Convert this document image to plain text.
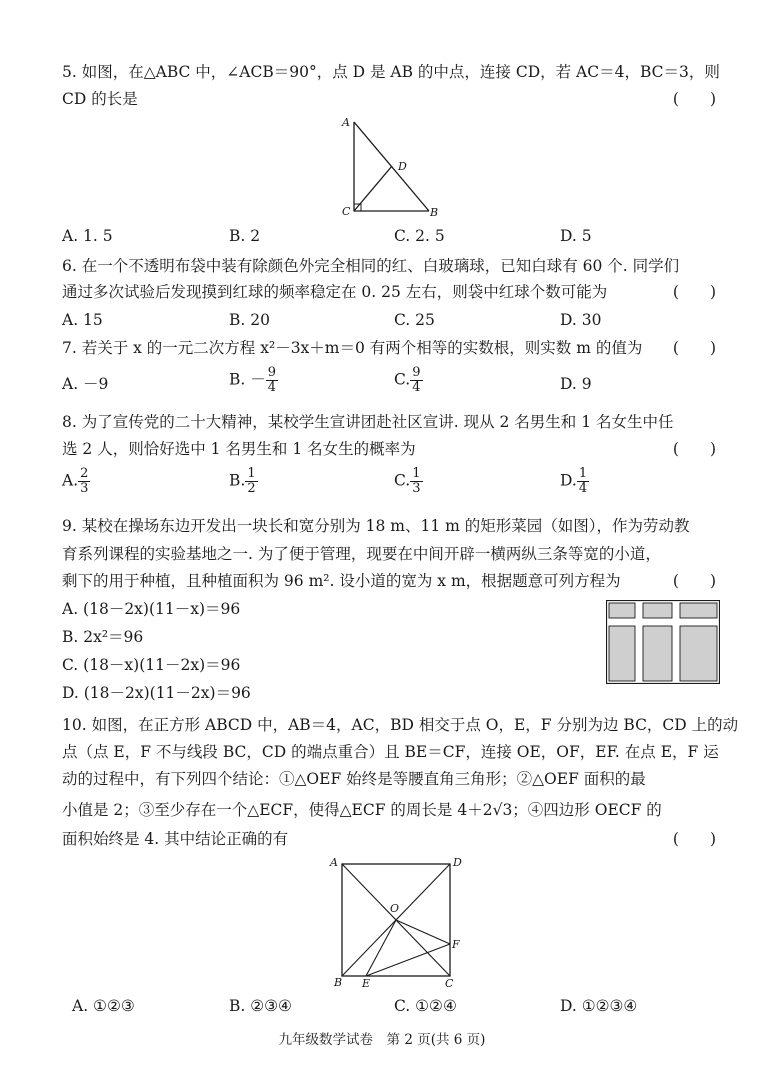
5. 如图，在△ABC 中，∠ACB＝90°，点 D 是 AB 的中点，连接 CD，若 AC＝4，BC＝3，则
CD 的长是	(　　)
A
D
C	B
A. 1. 5	B. 2	C. 2. 5	D. 5
6. 在一个不透明布袋中装有除颜色外完全相同的红、白玻璃球，已知白球有 60 个. 同学们
通过多次试验后发现摸到红球的频率稳定在 0. 25 左右，则袋中红球个数可能为	(　　)
A. 15	B. 20	C. 25	D. 30
7. 若关于 x 的一元二次方程 x²－3x＋m＝0 有两个相等的实数根，则实数 m 的值为 (　　)
A. －9	B. － $\frac{9}{4}$	C. $\frac{9}{4}$	D. 9
8. 为了宣传党的二十大精神，某校学生宣讲团赴社区宣讲. 现从 2 名男生和 1 名女生中任
选 2 人，则恰好选中 1 名男生和 1 名女生的概率为	(　　)
A. $\frac{2}{3}$	B. $\frac{1}{2}$	C. $\frac{1}{3}$	D. $\frac{1}{4}$
9. 某校在操场东边开发出一块长和宽分别为 18 m、11 m 的矩形菜园（如图），作为劳动教
育系列课程的实验基地之一. 为了便于管理，现要在中间开辟一横两纵三条等宽的小道，
剩下的用于种植，且种植面积为 96 m². 设小道的宽为 x m，根据题意可列方程为	(　　)
A. (18－2x)(11－x)＝96
B. 2x²＝96
C. (18－x)(11－2x)＝96
D. (18－2x)(11－2x)＝96
10. 如图，在正方形 ABCD 中，AB＝4，AC，BD 相交于点 O，E，F 分别为边 BC，CD 上的动
点（点 E，F 不与线段 BC，CD 的端点重合）且 BE＝CF，连接 OE，OF，EF. 在点 E，F 运
动的过程中，有下列四个结论：①△OEF 始终是等腰直角三角形；②△OEF 面积的最
小值是 2；③至少存在一个△ECF，使得△ECF 的周长是 4＋2√3；④四边形 OECF 的
面积始终是 4. 其中结论正确的有	(　　)
A	D
O
F
B E	C
A. ①②③	B. ②③④	C. ①②④	D. ①②③④
九年级数学试卷　第 2 页(共 6 页)
